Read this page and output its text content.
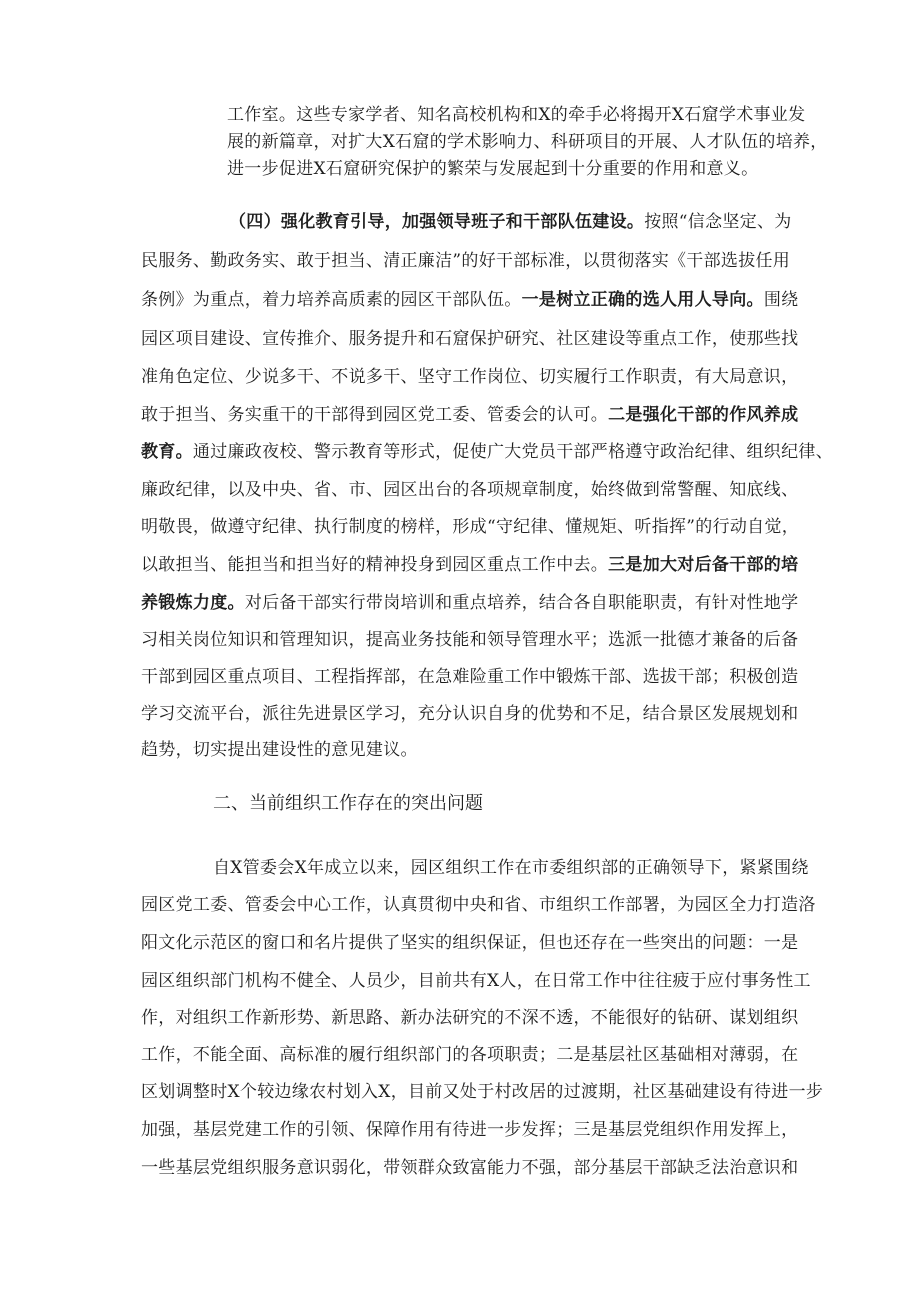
工作室。这些专家学者、知名高校机构和X的牵手必将揭开X石窟学术事业发
展的新篇章，对扩大X石窟的学术影响力、科研项目的开展、人才队伍的培养，
进一步促进X石窟研究保护的繁荣与发展起到十分重要的作用和意义。
（四）强化教育引导，加强领导班子和干部队伍建设。按照“信念坚定、为
民服务、勤政务实、敢于担当、清正廉洁”的好干部标准，以贯彻落实《干部选拔任用
条例》为重点，着力培养高质素的园区干部队伍。一是树立正确的选人用人导向。围绕
园区项目建设、宣传推介、服务提升和石窟保护研究、社区建设等重点工作，使那些找
准角色定位、少说多干、不说多干、坚守工作岗位、切实履行工作职责，有大局意识，
敢于担当、务实重干的干部得到园区党工委、管委会的认可。二是强化干部的作风养成
教育。通过廉政夜校、警示教育等形式，促使广大党员干部严格遵守政治纪律、组织纪律、
廉政纪律，以及中央、省、市、园区出台的各项规章制度，始终做到常警醒、知底线、
明敬畏，做遵守纪律、执行制度的榜样，形成“守纪律、懂规矩、听指挥”的行动自觉，
以敢担当、能担当和担当好的精神投身到园区重点工作中去。三是加大对后备干部的培
养锻炼力度。对后备干部实行带岗培训和重点培养，结合各自职能职责，有针对性地学
习相关岗位知识和管理知识，提高业务技能和领导管理水平；选派一批德才兼备的后备
干部到园区重点项目、工程指挥部，在急难险重工作中锻炼干部、选拔干部；积极创造
学习交流平台，派往先进景区学习，充分认识自身的优势和不足，结合景区发展规划和
趋势，切实提出建设性的意见建议。
二、当前组织工作存在的突出问题
自X管委会X年成立以来，园区组织工作在市委组织部的正确领导下，紧紧围绕
园区党工委、管委会中心工作，认真贯彻中央和省、市组织工作部署，为园区全力打造洛
阳文化示范区的窗口和名片提供了坚实的组织保证，但也还存在一些突出的问题：一是
园区组织部门机构不健全、人员少，目前共有X人，在日常工作中往往疲于应付事务性工
作，对组织工作新形势、新思路、新办法研究的不深不透，不能很好的钻研、谋划组织
工作，不能全面、高标准的履行组织部门的各项职责；二是基层社区基础相对薄弱，在
区划调整时X个较边缘农村划入X，目前又处于村改居的过渡期，社区基础建设有待进一步
加强，基层党建工作的引领、保障作用有待进一步发挥；三是基层党组织作用发挥上，
一些基层党组织服务意识弱化，带领群众致富能力不强，部分基层干部缺乏法治意识和
